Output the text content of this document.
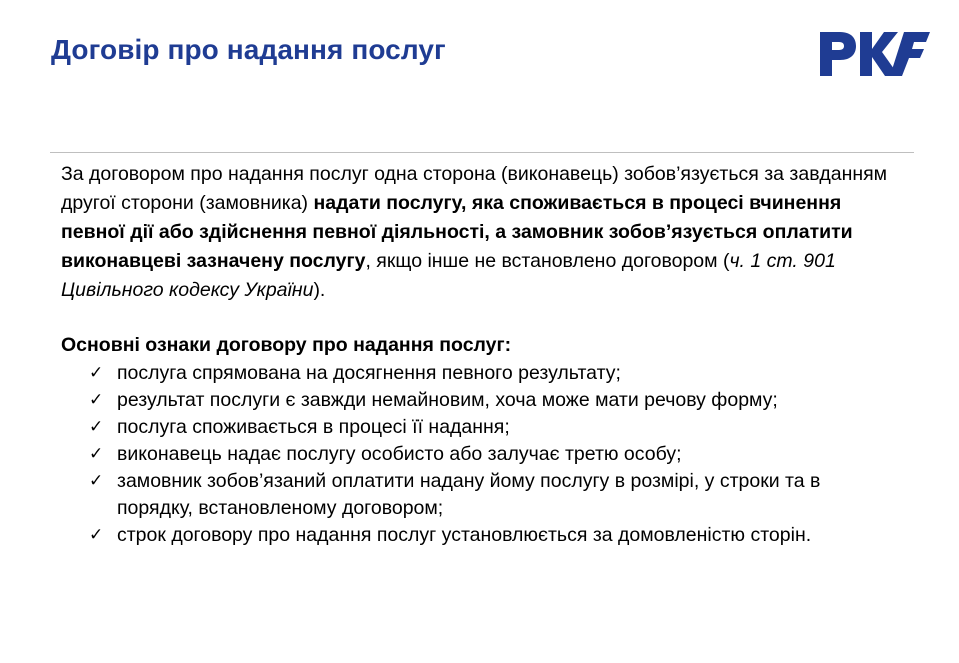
Договір про надання послуг

За договором про надання послуг одна сторона (виконавець) зобов’язується за завданням другої сторони (замовника) надати послугу, яка споживається в процесі вчинення певної дії або здійснення певної діяльності, а замовник зобов’язується оплатити виконавцеві зазначену послугу, якщо інше не встановлено договором (ч. 1 ст. 901 Цивільного кодексу України).

Основні ознаки договору про надання послуг:

✓ послуга спрямована на досягнення певного результату;
✓ результат послуги є завжди немайновим, хоча може мати речову форму;
✓ послуга споживається в процесі її надання;
✓ виконавець надає послугу особисто або залучає третю особу;
✓ замовник зобов’язаний оплатити надану йому послугу в розмірі, у строки та в порядку, встановленому договором;
✓ строк договору про надання послуг установлюється за домовленістю сторін.
